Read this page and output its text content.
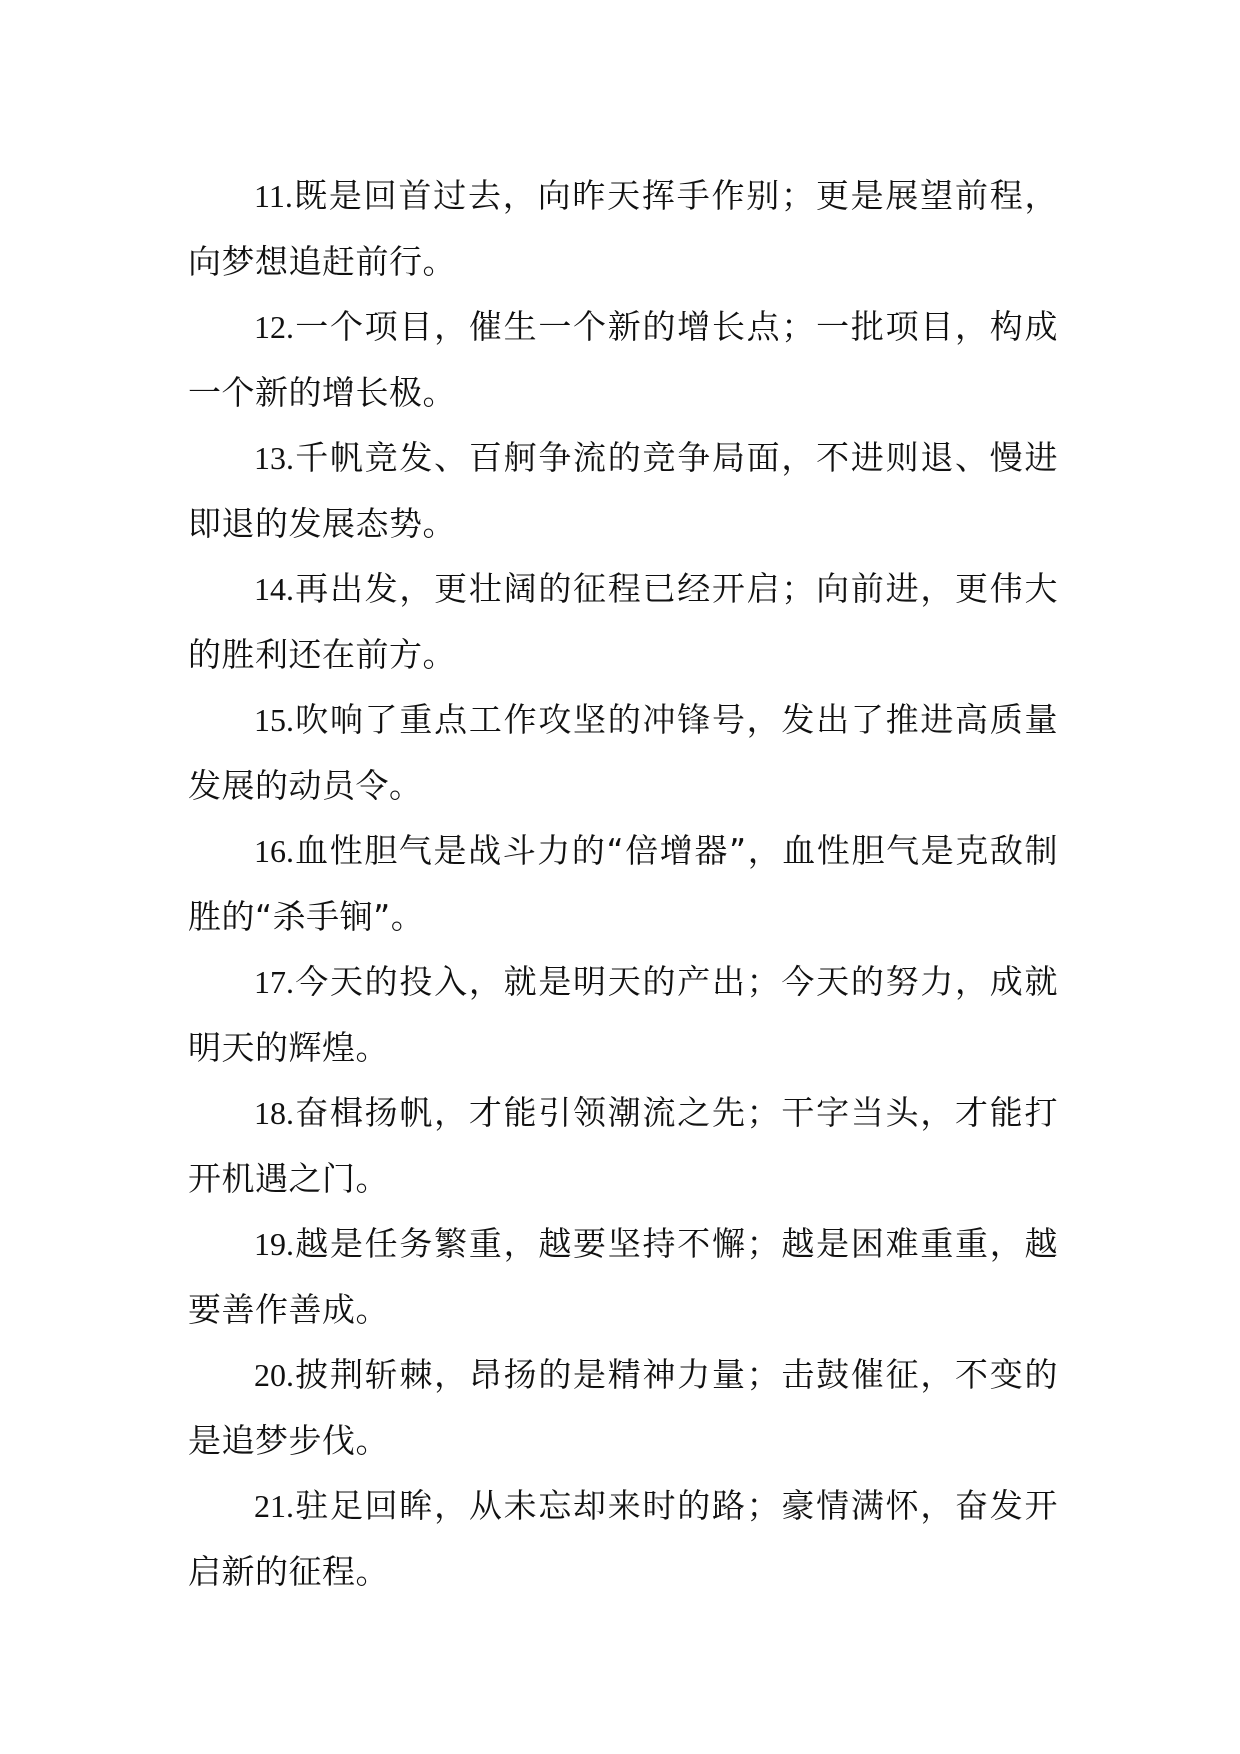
11.既是回首过去，向昨天挥手作别；更是展望前程，向梦想追赶前行。

12.一个项目，催生一个新的增长点；一批项目，构成一个新的增长极。

13.千帆竞发、百舸争流的竞争局面，不进则退、慢进即退的发展态势。

14.再出发，更壮阔的征程已经开启；向前进，更伟大的胜利还在前方。

15.吹响了重点工作攻坚的冲锋号，发出了推进高质量发展的动员令。

16.血性胆气是战斗力的“倍增器”，血性胆气是克敌制胜的“杀手锏”。

17.今天的投入，就是明天的产出；今天的努力，成就明天的辉煌。

18.奋楫扬帆，才能引领潮流之先；干字当头，才能打开机遇之门。

19.越是任务繁重，越要坚持不懈；越是困难重重，越要善作善成。

20.披荆斩棘，昂扬的是精神力量；击鼓催征，不变的是追梦步伐。

21.驻足回眸，从未忘却来时的路；豪情满怀，奋发开启新的征程。
